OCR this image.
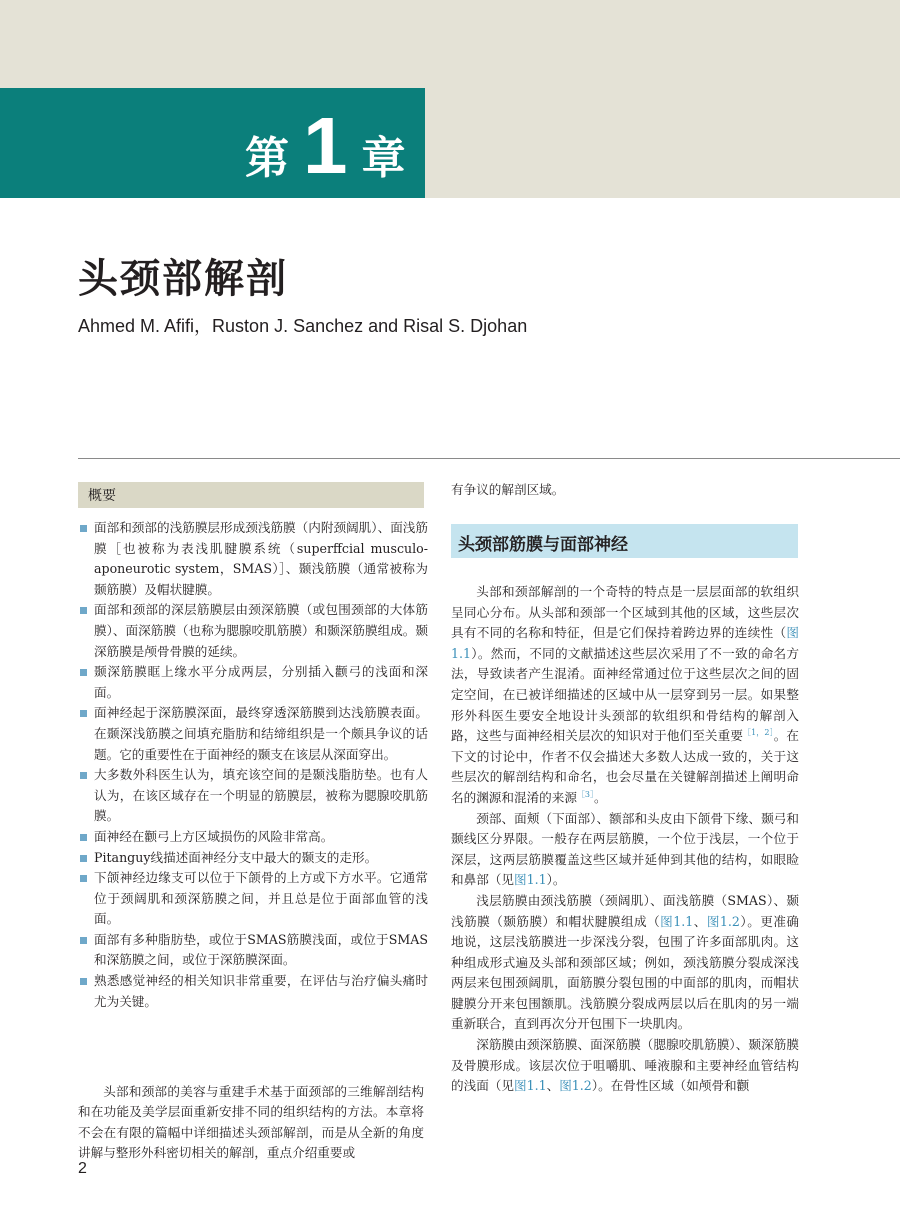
第 1 章
头颈部解剖
Ahmed M. Afifi，Ruston J. Sanchez and Risal S. Djohan
概要
面部和颈部的浅筋膜层形成颈浅筋膜（内附颈阔肌）、面浅筋膜［也被称为表浅肌腱膜系统（superffcial musculo-aponeurotic system，SMAS）］、颞浅筋膜（通常被称为颞筋膜）及帽状腱膜。
面部和颈部的深层筋膜层由颈深筋膜（或包围颈部的大体筋膜）、面深筋膜（也称为腮腺咬肌筋膜）和颞深筋膜组成。颞深筋膜是颅骨骨膜的延续。
颞深筋膜眶上缘水平分成两层，分别插入颧弓的浅面和深面。
面神经起于深筋膜深面，最终穿透深筋膜到达浅筋膜表面。在颞深浅筋膜之间填充脂肪和结缔组织是一个颇具争议的话题。它的重要性在于面神经的颞支在该层从深面穿出。
大多数外科医生认为，填充该空间的是颞浅脂肪垫。也有人认为，在该区域存在一个明显的筋膜层，被称为腮腺咬肌筋膜。
面神经在颧弓上方区域损伤的风险非常高。
Pitanguy线描述面神经分支中最大的颞支的走形。
下颌神经边缘支可以位于下颌骨的上方或下方水平。它通常位于颈阔肌和颈深筋膜之间，并且总是位于面部血管的浅面。
面部有多种脂肪垫，或位于SMAS筋膜浅面，或位于SMAS和深筋膜之间，或位于深筋膜深面。
熟悉感觉神经的相关知识非常重要，在评估与治疗偏头痛时尤为关键。

头部和颈部的美容与重建手术基于面颈部的三维解剖结构和在功能及美学层面重新安排不同的组织结构的方法。本章将不会在有限的篇幅中详细描述头颈部解剖，而是从全新的角度讲解与整形外科密切相关的解剖，重点介绍重要或

有争议的解剖区域。

头颈部筋膜与面部神经

头部和颈部解剖的一个奇特的特点是一层层面部的软组织呈同心分布。从头部和颈部一个区域到其他的区域，这些层次具有不同的名称和特征，但是它们保持着跨边界的连续性（图1.1）。然而，不同的文献描述这些层次采用了不一致的命名方法，导致读者产生混淆。面神经常通过位于这些层次之间的固定空间，在已被详细描述的区域中从一层穿到另一层。如果整形外科医生要安全地设计头颈部的软组织和骨结构的解剖入路，这些与面神经相关层次的知识对于他们至关重要$^{[1,2]}$。在下文的讨论中，作者不仅会描述大多数人达成一致的，关于这些层次的解剖结构和命名，也会尽量在关键解剖描述上阐明命名的渊源和混淆的来源$^{[3]}$。

颈部、面颊（下面部）、额部和头皮由下颌骨下缘、颞弓和颞线区分界限。一般存在两层筋膜，一个位于浅层，一个位于深层，这两层筋膜覆盖这些区域并延伸到其他的结构，如眼睑和鼻部（见图1.1）。

浅层筋膜由颈浅筋膜（颈阔肌）、面浅筋膜（SMAS）、颞浅筋膜（颞筋膜）和帽状腱膜组成（图1.1、图1.2）。更准确地说，这层浅筋膜进一步深浅分裂，包围了许多面部肌肉。这种组成形式遍及头部和颈部区域；例如，颈浅筋膜分裂成深浅两层来包围颈阔肌，面筋膜分裂包围的中面部的肌肉，而帽状腱膜分开来包围额肌。浅筋膜分裂成两层以后在肌肉的另一端重新联合，直到再次分开包围下一块肌肉。

深筋膜由颈深筋膜、面深筋膜（腮腺咬肌筋膜）、颞深筋膜及骨膜形成。该层次位于咀嚼肌、唾液腺和主要神经血管结构的浅面（见图1.1、图1.2）。在骨性区域（如颅骨和颧

2
